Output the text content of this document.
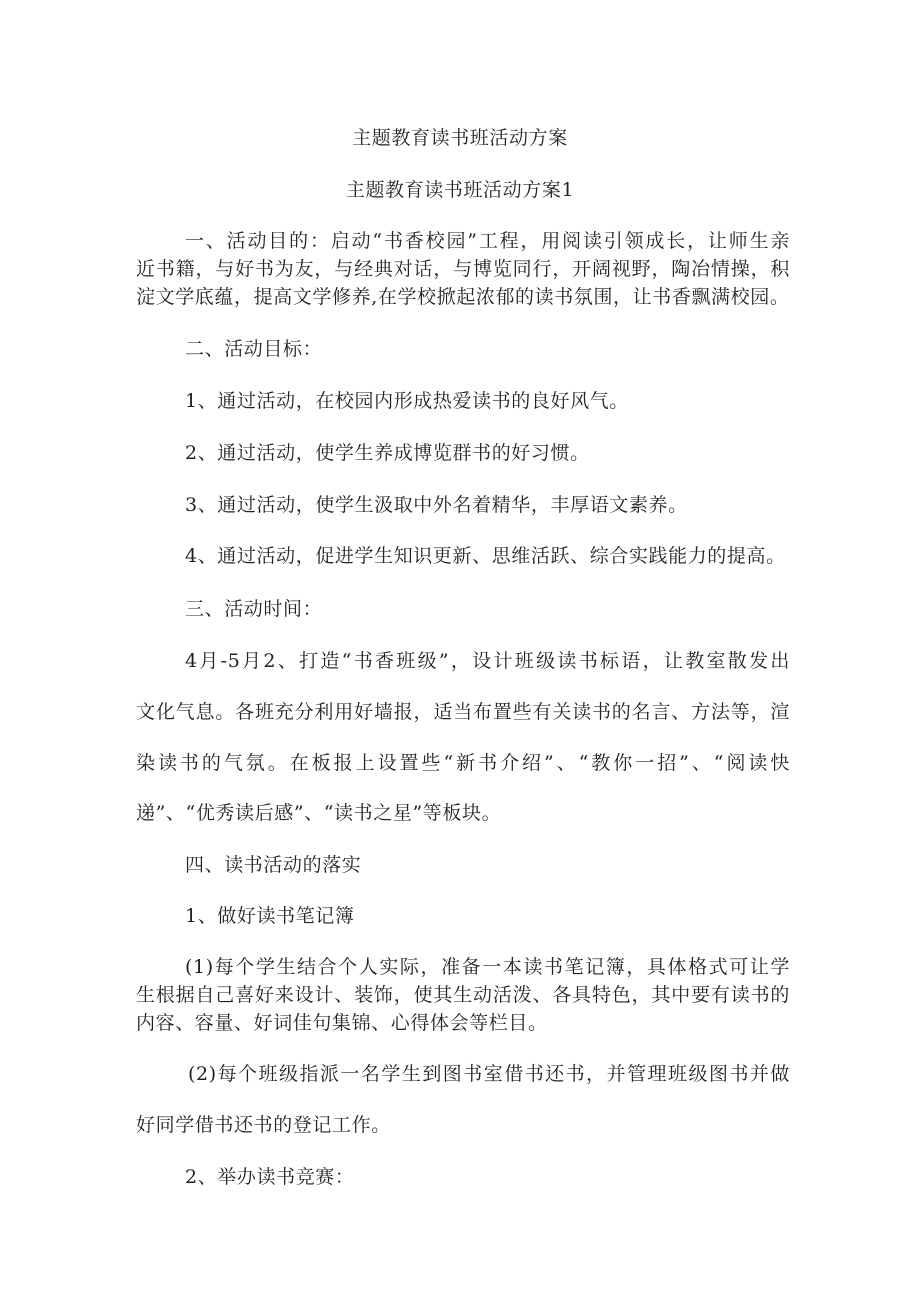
主题教育读书班活动方案
主题教育读书班活动方案1
一、活动目的：启动“书香校园”工程，用阅读引领成长，让师生亲
近书籍，与好书为友，与经典对话，与博览同行，开阔视野，陶冶情操，积
淀文学底蕴，提高文学修养,在学校掀起浓郁的读书氛围，让书香飘满校园。
二、活动目标：
1、通过活动，在校园内形成热爱读书的良好风气。
2、通过活动，使学生养成博览群书的好习惯。
3、通过活动，使学生汲取中外名着精华，丰厚语文素养。
4、通过活动，促进学生知识更新、思维活跃、综合实践能力的提高。
三、活动时间：
4月-5月2、打造“书香班级”，设计班级读书标语，让教室散发出
文化气息。各班充分利用好墙报，适当布置些有关读书的名言、方法等，渲
染读书的气氛。在板报上设置些“新书介绍”、“教你一招”、“阅读快
递”、“优秀读后感”、“读书之星”等板块。
四、读书活动的落实
1、做好读书笔记簿
(1)每个学生结合个人实际，准备一本读书笔记簿，具体格式可让学
生根据自己喜好来设计、装饰，使其生动活泼、各具特色，其中要有读书的
内容、容量、好词佳句集锦、心得体会等栏目。
(2)每个班级指派一名学生到图书室借书还书，并管理班级图书并做
好同学借书还书的登记工作。
2、举办读书竞赛：
